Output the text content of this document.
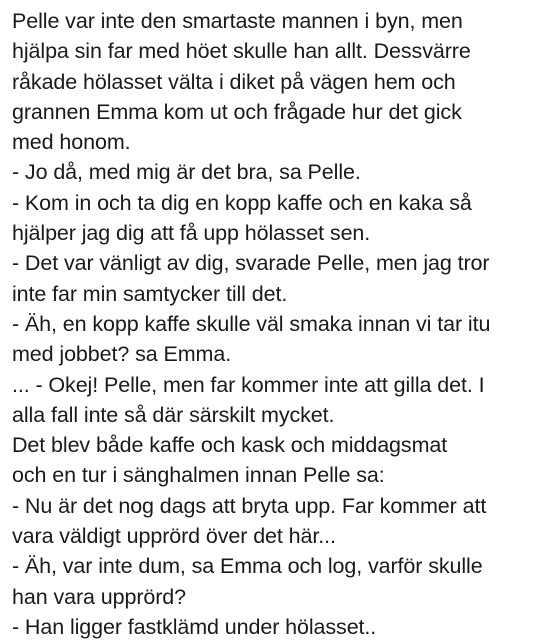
Pelle var inte den smartaste mannen i byn, men
hjälpa sin far med höet skulle han allt. Dessvärre
råkade hölasset välta i diket på vägen hem och
grannen Emma kom ut och frågade hur det gick
med honom.
- Jo då, med mig är det bra, sa Pelle.
- Kom in och ta dig en kopp kaffe och en kaka så
hjälper jag dig att få upp hölasset sen.
- Det var vänligt av dig, svarade Pelle, men jag tror
inte far min samtycker till det.
- Äh, en kopp kaffe skulle väl smaka innan vi tar itu
med jobbet? sa Emma.
... - Okej! Pelle, men far kommer inte att gilla det. I
alla fall inte så där särskilt mycket.
Det blev både kaffe och kask och middagsmat
och en tur i sänghalmen innan Pelle sa:
- Nu är det nog dags att bryta upp. Far kommer att
vara väldigt upprörd över det här...
- Äh, var inte dum, sa Emma och log, varför skulle
han vara upprörd?
- Han ligger fastklämd under hölasset..
